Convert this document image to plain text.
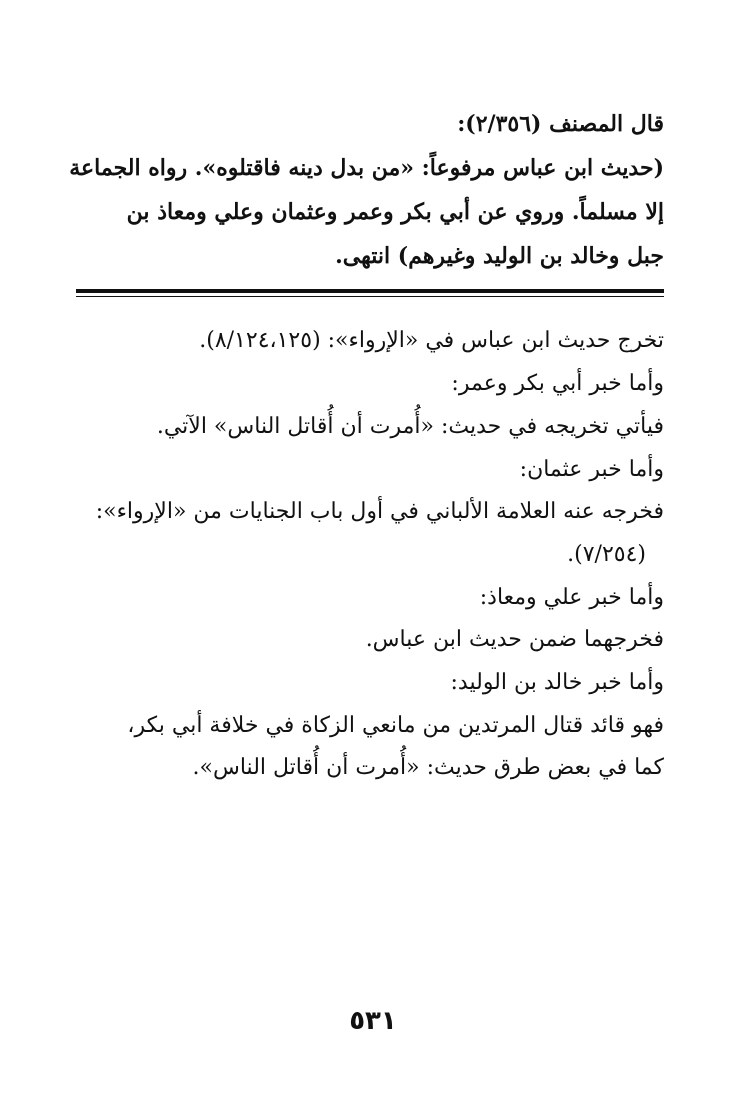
قال المصنف (٢/٣٥٦):
(حديث ابن عباس مرفوعاً: «من بدل دينه فاقتلوه». رواه الجماعة
إلا مسلماً. وروي عن أبي بكر وعمر وعثمان وعلي ومعاذ بن
جبل وخالد بن الوليد وغيرهم) انتهى.
تخرج حديث ابن عباس في «الإرواء»: (٨/١٢٤،١٢٥).
وأما خبر أبي بكر وعمر:
فيأتي تخريجه في حديث: «أُمرت أن أُقاتل الناس» الآتي.
وأما خبر عثمان:
فخرجه عنه العلامة الألباني في أول باب الجنايات من «الإرواء»:
(٧/٢٥٤).
وأما خبر علي ومعاذ:
فخرجهما ضمن حديث ابن عباس.
وأما خبر خالد بن الوليد:
فهو قائد قتال المرتدين من مانعي الزكاة في خلافة أبي بكر،
كما في بعض طرق حديث: «أُمرت أن أُقاتل الناس».
٥٣١
